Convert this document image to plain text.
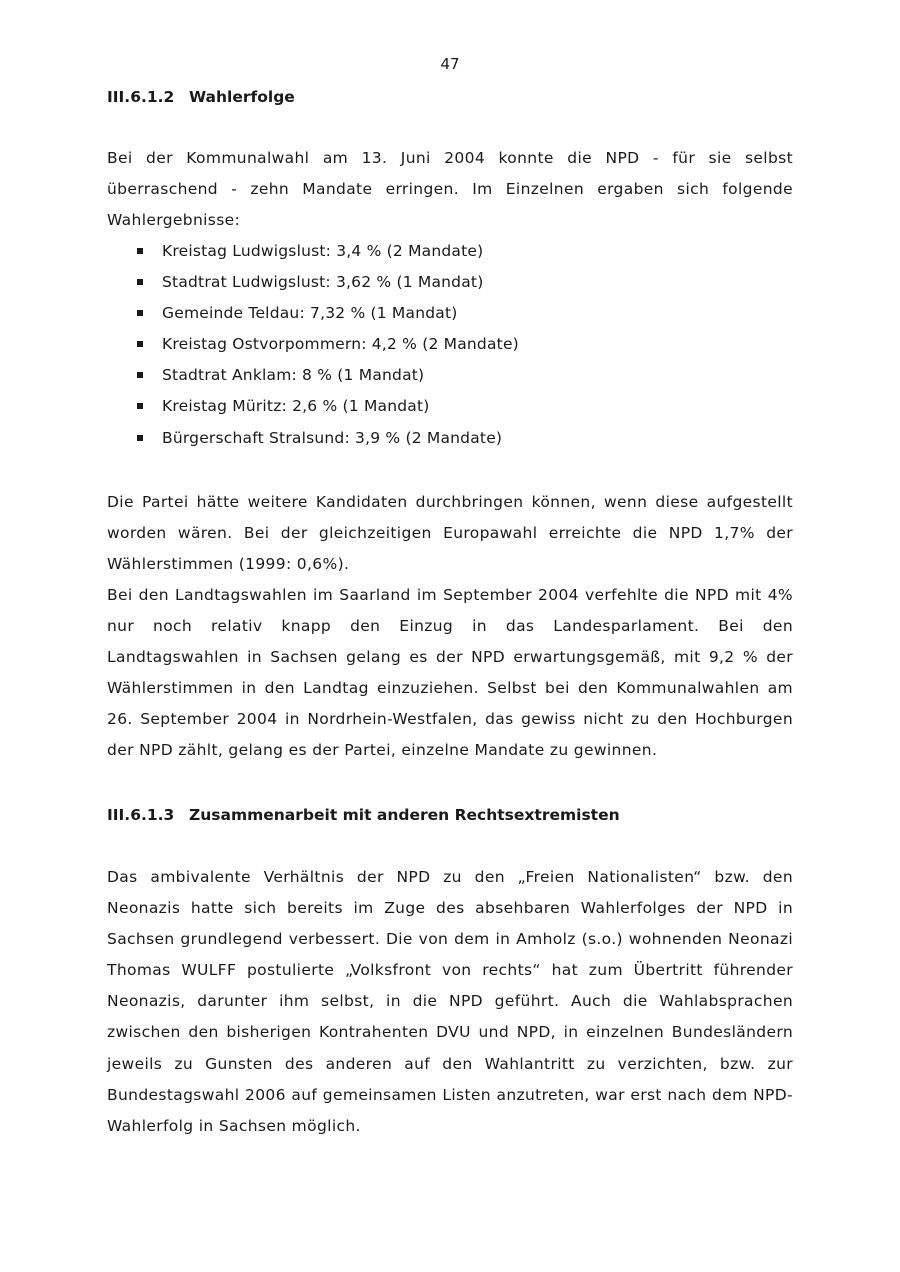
47
III.6.1.2 Wahlerfolge

Bei der Kommunalwahl am 13. Juni 2004 konnte die NPD - für sie selbst überraschend - zehn Mandate erringen. Im Einzelnen ergaben sich folgende Wahlergebnisse:

Kreistag Ludwigslust: 3,4 % (2 Mandate)
Stadtrat Ludwigslust: 3,62 % (1 Mandat)
Gemeinde Teldau: 7,32 % (1 Mandat)
Kreistag Ostvorpommern: 4,2 % (2 Mandate)
Stadtrat Anklam: 8 % (1 Mandat)
Kreistag Müritz: 2,6 % (1 Mandat)
Bürgerschaft Stralsund: 3,9 % (2 Mandate)

Die Partei hätte weitere Kandidaten durchbringen können, wenn diese aufgestellt worden wären. Bei der gleichzeitigen Europawahl erreichte die NPD 1,7% der Wählerstimmen (1999: 0,6%).

Bei den Landtagswahlen im Saarland im September 2004 verfehlte die NPD mit 4% nur noch relativ knapp den Einzug in das Landesparlament. Bei den Landtagswahlen in Sachsen gelang es der NPD erwartungsgemäß, mit 9,2 % der Wählerstimmen in den Landtag einzuziehen. Selbst bei den Kommunalwahlen am 26. September 2004 in Nordrhein-Westfalen, das gewiss nicht zu den Hochburgen der NPD zählt, gelang es der Partei, einzelne Mandate zu gewinnen.

III.6.1.3 Zusammenarbeit mit anderen Rechtsextremisten

Das ambivalente Verhältnis der NPD zu den „Freien Nationalisten“ bzw. den Neonazis hatte sich bereits im Zuge des absehbaren Wahlerfolges der NPD in Sachsen grundlegend verbessert. Die von dem in Amholz (s.o.) wohnenden Neonazi Thomas WULFF postulierte „Volksfront von rechts“ hat zum Übertritt führender Neonazis, darunter ihm selbst, in die NPD geführt. Auch die Wahlabsprachen zwischen den bisherigen Kontrahenten DVU und NPD, in einzelnen Bundesländern jeweils zu Gunsten des anderen auf den Wahlantritt zu verzichten, bzw. zur Bundestagswahl 2006 auf gemeinsamen Listen anzutreten, war erst nach dem NPD-Wahlerfolg in Sachsen möglich.
